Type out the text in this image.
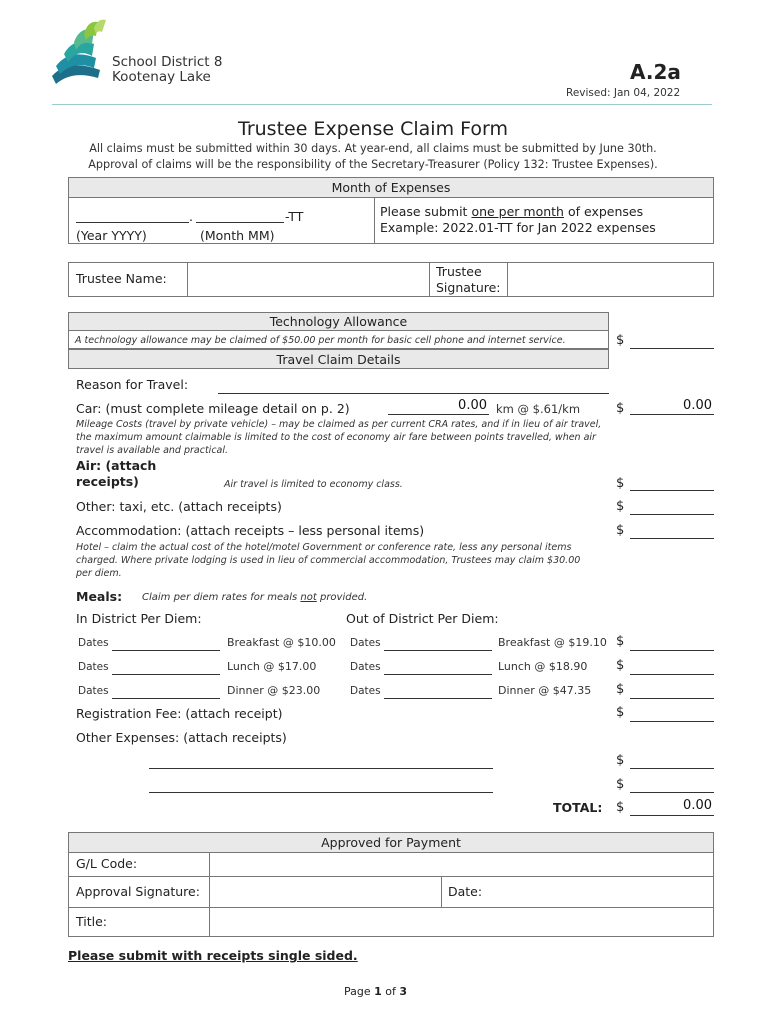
School District 8
Kootenay Lake	A.2a
Revised: Jan 04, 2022
Trustee Expense Claim Form
All claims must be submitted within 30 days. At year-end, all claims must be submitted by June 30th.
Approval of claims will be the responsibility of the Secretary-Treasurer (Policy 132: Trustee Expenses).
Month of Expenses
.	-TT
(Year YYYY)	(Month MM)
Please submit one per month of expenses
Example: 2022.01-TT for Jan 2022 expenses
Trustee Name:	Trustee
Signature:
Technology Allowance
A technology allowance may be claimed of $50.00 per month for basic cell phone and internet service.	$
Travel Claim Details
Reason for Travel:
Car: (must complete mileage detail on p. 2)	0.00 km @ $.61/km	$	0.00
Mileage Costs (travel by private vehicle) – may be claimed as per current CRA rates, and if in lieu of air travel, the maximum amount claimable is limited to the cost of economy air fare between points travelled, when air travel is available and practical.
Air: (attach
receipts)	Air travel is limited to economy class.	$
Other: taxi, etc. (attach receipts)	$
Accommodation: (attach receipts – less personal items)	$
Hotel – claim the actual cost of the hotel/motel Government or conference rate, less any personal items charged. Where private lodging is used in lieu of commercial accommodation, Trustees may claim $30.00 per diem.
Meals: Claim per diem rates for meals not provided.
In District Per Diem:	Out of District Per Diem:
Dates	Breakfast @ $10.00 Dates	Breakfast @ $19.10 $
Dates	Lunch @ $17.00	Dates	Lunch @ $18.90 $
Dates	Dinner @ $23.00	Dates	Dinner @ $47.35 $
Registration Fee: (attach receipt)	$
Other Expenses: (attach receipts)
$
$
TOTAL: $	0.00
Approved for Payment
G/L Code:
Approval Signature:	Date:
Title:
Please submit with receipts single sided.
Page 1 of 3
